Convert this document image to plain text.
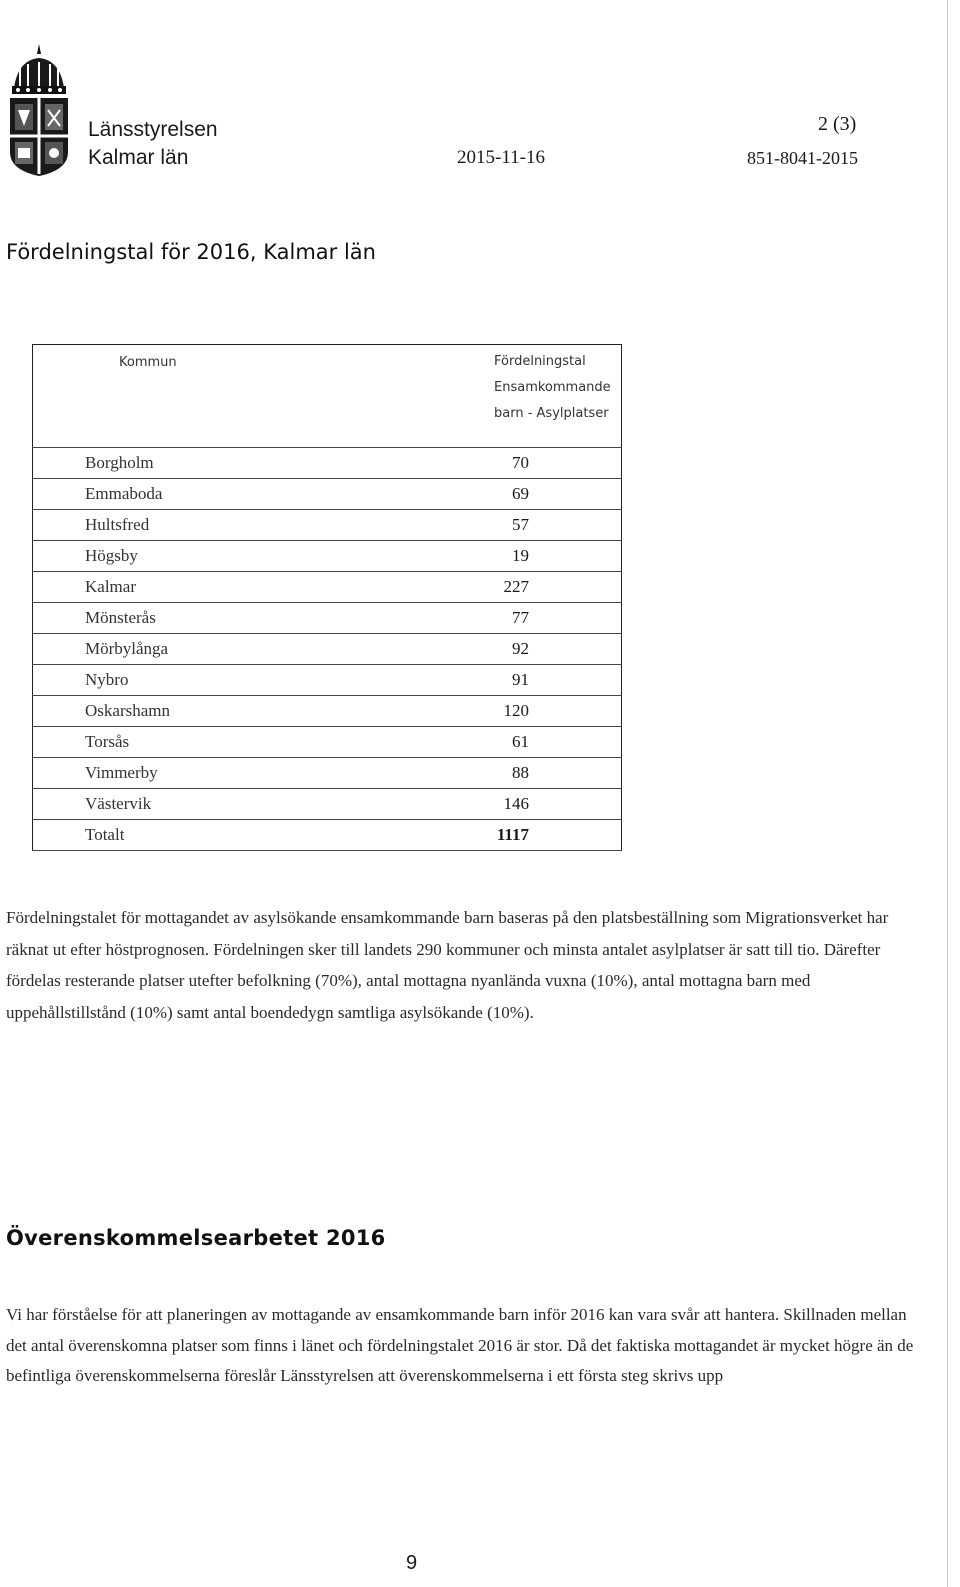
Länsstyrelsen
Kalmar län	2015-11-16
2 (3)
851-8041-2015
Fördelningstal för 2016, Kalmar län
Kommun	Fördelningstal
Ensamkommande
barn - Asylplatser

Borgholm	70
Emmaboda	69
Hultsfred	57
Högsby	19
Kalmar	227
Mönsterås	77
Mörbylånga	92
Nybro	91
Oskarshamn	120
Torsås	61
Vimmerby	88
Västervik	146
Totalt	1117

Fördelningstalet för mottagandet av asylsökande ensamkommande barn baseras på den platsbeställning som Migrationsverket har räknat ut efter höstprognosen. Fördelningen sker till landets 290 kommuner och minsta antalet asylplatser är satt till tio. Därefter fördelas resterande platser utefter befolkning (70%), antal mottagna nyanlända vuxna (10%), antal mottagna barn med uppehållstillstånd (10%) samt antal boendedygn samtliga asylsökande (10%).

Överenskommelsearbetet 2016

Vi har förståelse för att planeringen av mottagande av ensamkommande barn inför 2016 kan vara svår att hantera. Skillnaden mellan det antal överenskomna platser som finns i länet och fördelningstalet 2016 är stor. Då det faktiska mottagandet är mycket högre än de befintliga överenskommelserna föreslår Länsstyrelsen att överenskommelserna i ett första steg skrivs upp

9
